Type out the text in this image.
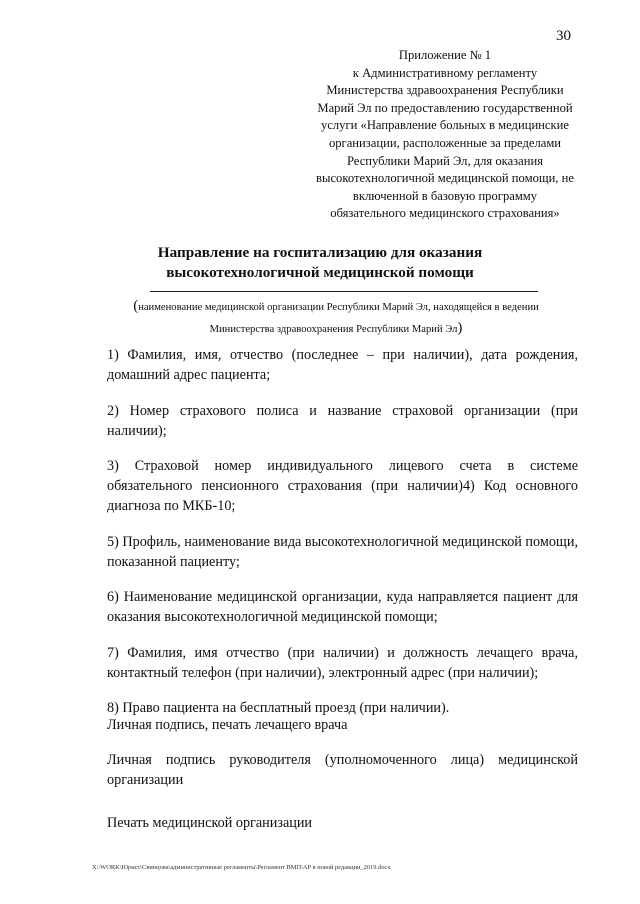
30
Приложение № 1
к Административному регламенту
Министерства здравоохранения Республики
Марий Эл по предоставлению государственной
услуги «Направление больных в медицинские
организации, расположенные за пределами
Республики Марий Эл, для оказания
высокотехнологичной медицинской помощи, не
включенной в базовую программу
обязательного медицинского страхования»
Направление на госпитализацию для оказания
высокотехнологичной медицинской помощи
(наименование медицинской организации Республики Марий Эл, находящейся в ведении
Министерства здравоохранения Республики Марий Эл)
1) Фамилия, имя, отчество (последнее – при наличии), дата рождения, домашний адрес пациента;
2) Номер страхового полиса и название страховой организации (при наличии);
3) Страховой номер индивидуального лицевого счета в системе обязательного пенсионного страхования (при наличии)4) Код основного диагноза по МКБ-10;
5) Профиль, наименование вида высокотехнологичной медицинской помощи, показанной пациенту;
6) Наименование медицинской организации, куда направляется пациент для оказания высокотехнологичной медицинской помощи;
7) Фамилия, имя отчество (при наличии) и должность лечащего врача, контактный телефон (при наличии), электронный адрес (при наличии);
8) Право пациента на бесплатный проезд (при наличии).
Личная подпись, печать лечащего врача
Личная подпись руководителя (уполномоченного лица) медицинской организации
Печать медицинской организации
X:\WORK\Юрист\Свинцова\административные регламенты\Регламент ВМП\АР в новой редакции_2019.docx
